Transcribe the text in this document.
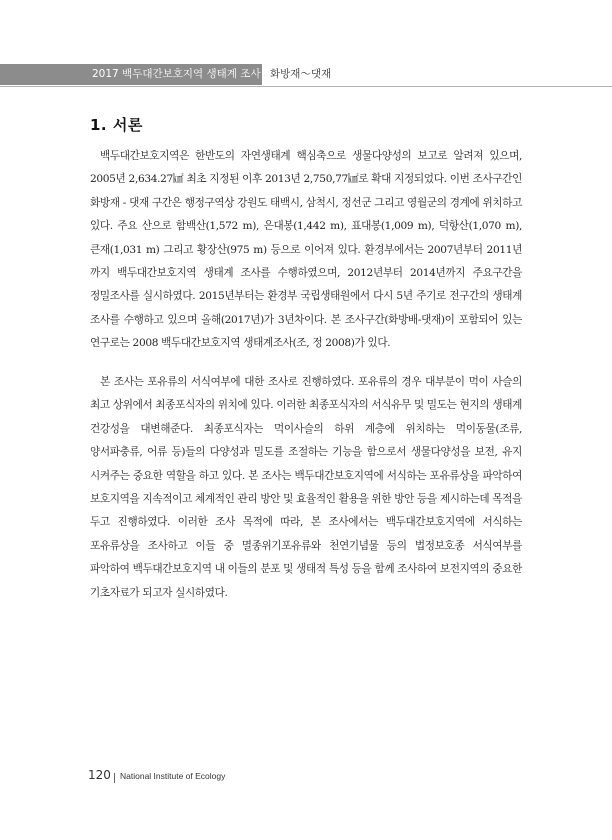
2017 백두대간보호지역 생태계 조사 화방재～댓재
1. 서론

백두대간보호지역은 한반도의 자연생태계 핵심축으로 생물다양성의 보고로 알려져 있으며, 2005년 2,634.27㎢ 최초 지정된 이후 2013년 2,750,77㎢로 확대 지정되었다. 이번 조사구간인 화방재 - 댓재 구간은 행정구역상 강원도 태백시, 삼척시, 정선군 그리고 영월군의 경계에 위치하고 있다. 주요 산으로 함백산(1,572 m), 은대봉(1,442 m), 표대봉(1,009 m), 덕항산(1,070 m), 큰재(1,031 m) 그리고 황장산(975 m) 등으로 이어져 있다. 환경부에서는 2007년부터 2011년 까지 백두대간보호지역 생태계 조사를 수행하였으며, 2012년부터 2014년까지 주요구간을 정밀조사를 실시하였다. 2015년부터는 환경부 국립생태원에서 다시 5년 주기로 전구간의 생태계 조사를 수행하고 있으며 올해(2017년)가 3년차이다. 본 조사구간(화방배-댓재)이 포함되어 있는 연구로는 2008 백두대간보호지역 생태계조사(조, 정 2008)가 있다.

본 조사는 포유류의 서식여부에 대한 조사로 진행하였다. 포유류의 경우 대부분이 먹이 사슬의 최고 상위에서 최종포식자의 위치에 있다. 이러한 최종포식자의 서식유무 및 밀도는 현지의 생태계 건강성을 대변해준다. 최종포식자는 먹이사슬의 하위 계층에 위치하는 먹이동물(조류, 양서파충류, 어류 등)들의 다양성과 밀도를 조절하는 기능을 함으로서 생물다양성을 보전, 유지 시켜주는 중요한 역할을 하고 있다. 본 조사는 백두대간보호지역에 서식하는 포유류상을 파악하여 보호지역을 지속적이고 체계적인 관리 방안 및 효율적인 활용을 위한 방안 등을 제시하는데 목적을 두고 진행하였다. 이러한 조사 목적에 따라, 본 조사에서는 백두대간보호지역에 서식하는 포유류상을 조사하고 이들 중 멸종위기포유류와 천연기념물 등의 법정보호종 서식여부를 파악하여 백두대간보호지역 내 이들의 분포 및 생태적 특성 등을 함께 조사하여 보전지역의 중요한 기초자료가 되고자 실시하였다.

120 National Institute of Ecology
